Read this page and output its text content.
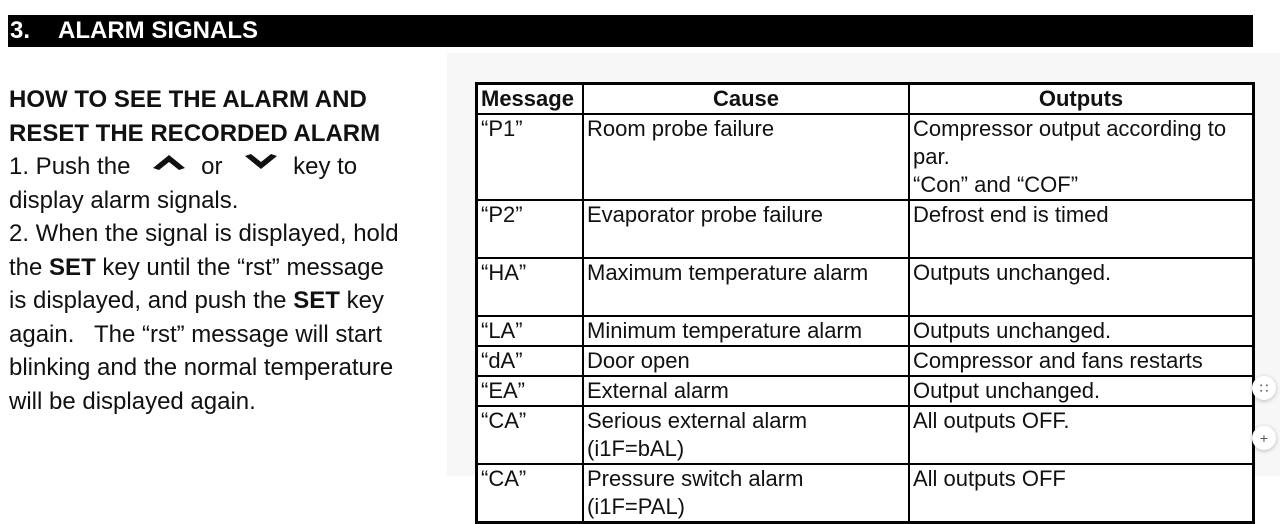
3. ALARM SIGNALS

HOW TO SEE THE ALARM AND

RESET THE RECORDED ALARM

1. Push the	or	key to

display alarm signals.

2. When the signal is displayed, hold

the SET key until the “rst” message

is displayed, and push the SET key

again.   The “rst” message will start

blinking and the normal temperature

will be displayed again.

Message	Cause	Outputs
“P1”	Room probe failure	Compressor output according to par.
“Con” and “COF”
“P2”	Evaporator probe failure	Defrost end is timed
“HA”	Maximum temperature alarm	Outputs unchanged.
“LA”	Minimum temperature alarm	Outputs unchanged.
“dA”	Door open	Compressor and fans restarts
“EA”	External alarm	Output unchanged.
“CA”	Serious external alarm (i1F=bAL)	All outputs OFF.
“CA”	Pressure switch alarm (i1F=PAL)	All outputs OFF
∷
+
